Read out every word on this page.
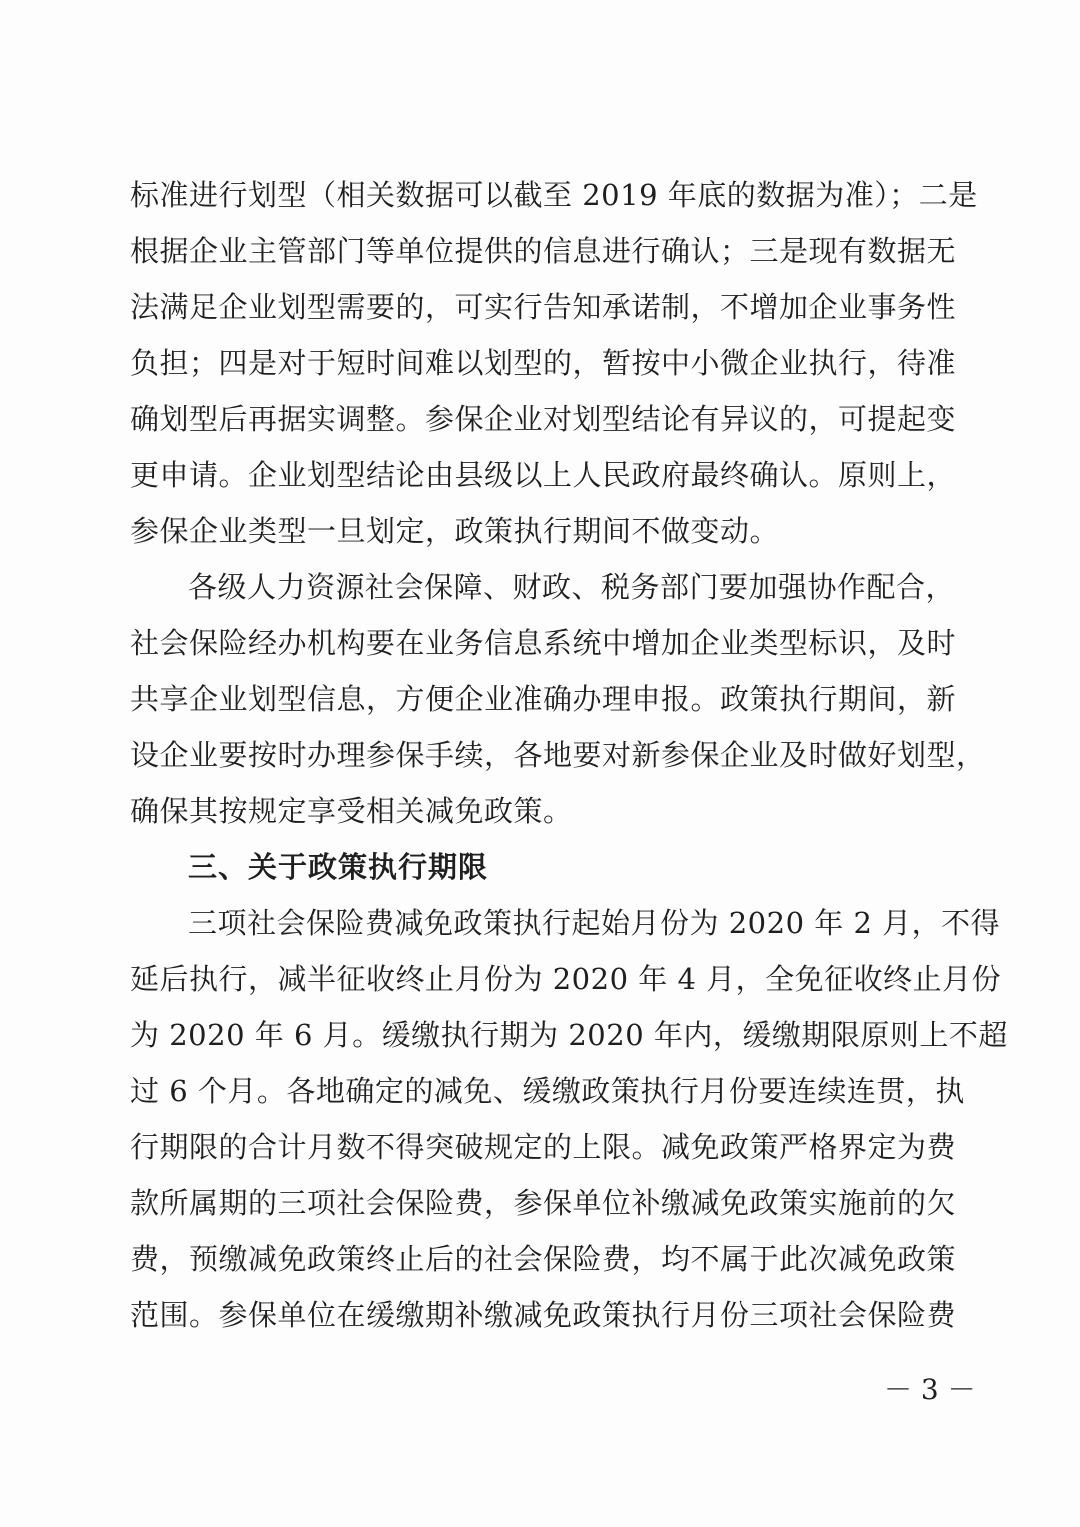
标准进行划型（相关数据可以截至 2019 年底的数据为准）；二是
根据企业主管部门等单位提供的信息进行确认；三是现有数据无
法满足企业划型需要的，可实行告知承诺制，不增加企业事务性
负担；四是对于短时间难以划型的，暂按中小微企业执行，待准
确划型后再据实调整。参保企业对划型结论有异议的，可提起变
更申请。企业划型结论由县级以上人民政府最终确认。原则上，
参保企业类型一旦划定，政策执行期间不做变动。
各级人力资源社会保障、财政、税务部门要加强协作配合，
社会保险经办机构要在业务信息系统中增加企业类型标识，及时
共享企业划型信息，方便企业准确办理申报。政策执行期间，新
设企业要按时办理参保手续，各地要对新参保企业及时做好划型，
确保其按规定享受相关减免政策。
三、关于政策执行期限
三项社会保险费减免政策执行起始月份为 2020 年 2 月，不得
延后执行，减半征收终止月份为 2020 年 4 月，全免征收终止月份
为 2020 年 6 月。缓缴执行期为 2020 年内，缓缴期限原则上不超
过 6 个月。各地确定的减免、缓缴政策执行月份要连续连贯，执
行期限的合计月数不得突破规定的上限。减免政策严格界定为费
款所属期的三项社会保险费，参保单位补缴减免政策实施前的欠
费，预缴减免政策终止后的社会保险费，均不属于此次减免政策
范围。参保单位在缓缴期补缴减免政策执行月份三项社会保险费
－ 3 －
